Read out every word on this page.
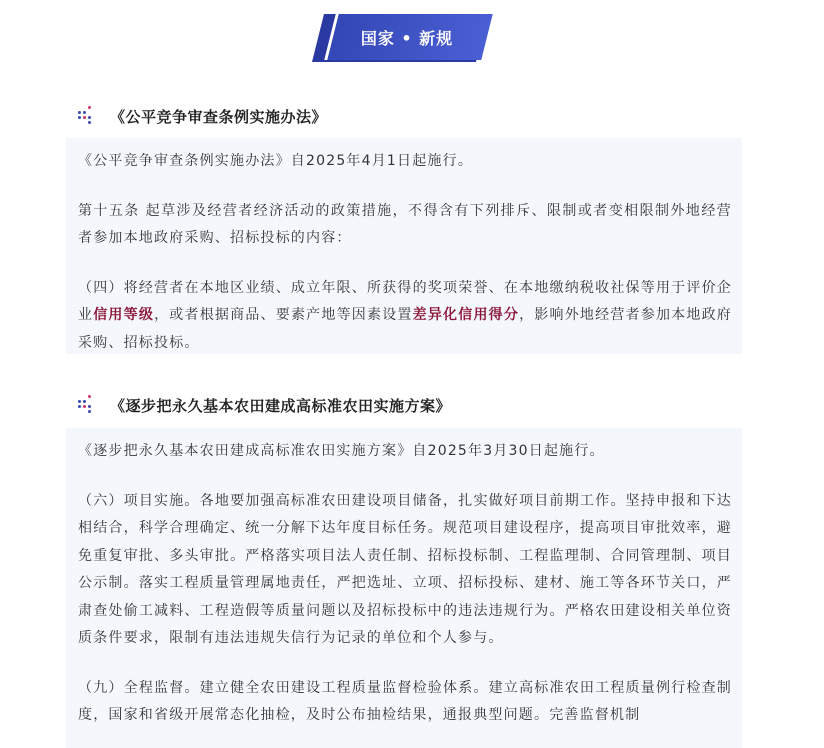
国家 • 新规
《公平竞争审查条例实施办法》

《公平竞争审查条例实施办法》自2025年4月1日起施行。

第十五条 起草涉及经营者经济活动的政策措施，不得含有下列排斥、限制或者变相限制外地经营者参加本地政府采购、招标投标的内容：

（四）将经营者在本地区业绩、成立年限、所获得的奖项荣誉、在本地缴纳税收社保等用于评价企业信用等级，或者根据商品、要素产地等因素设置差异化信用得分，影响外地经营者参加本地政府采购、招标投标。

《逐步把永久基本农田建成高标准农田实施方案》

《逐步把永久基本农田建成高标准农田实施方案》自2025年3月30日起施行。

（六）项目实施。各地要加强高标准农田建设项目储备，扎实做好项目前期工作。坚持申报和下达相结合，科学合理确定、统一分解下达年度目标任务。规范项目建设程序，提高项目审批效率，避免重复审批、多头审批。严格落实项目法人责任制、招标投标制、工程监理制、合同管理制、项目公示制。落实工程质量管理属地责任，严把选址、立项、招标投标、建材、施工等各环节关口，严肃查处偷工减料、工程造假等质量问题以及招标投标中的违法违规行为。严格农田建设相关单位资质条件要求，限制有违法违规失信行为记录的单位和个人参与。

（九）全程监督。建立健全农田建设工程质量监督检验体系。建立高标准农田工程质量例行检查制度，国家和省级开展常态化抽检，及时公布抽检结果，通报典型问题。完善监督机制
